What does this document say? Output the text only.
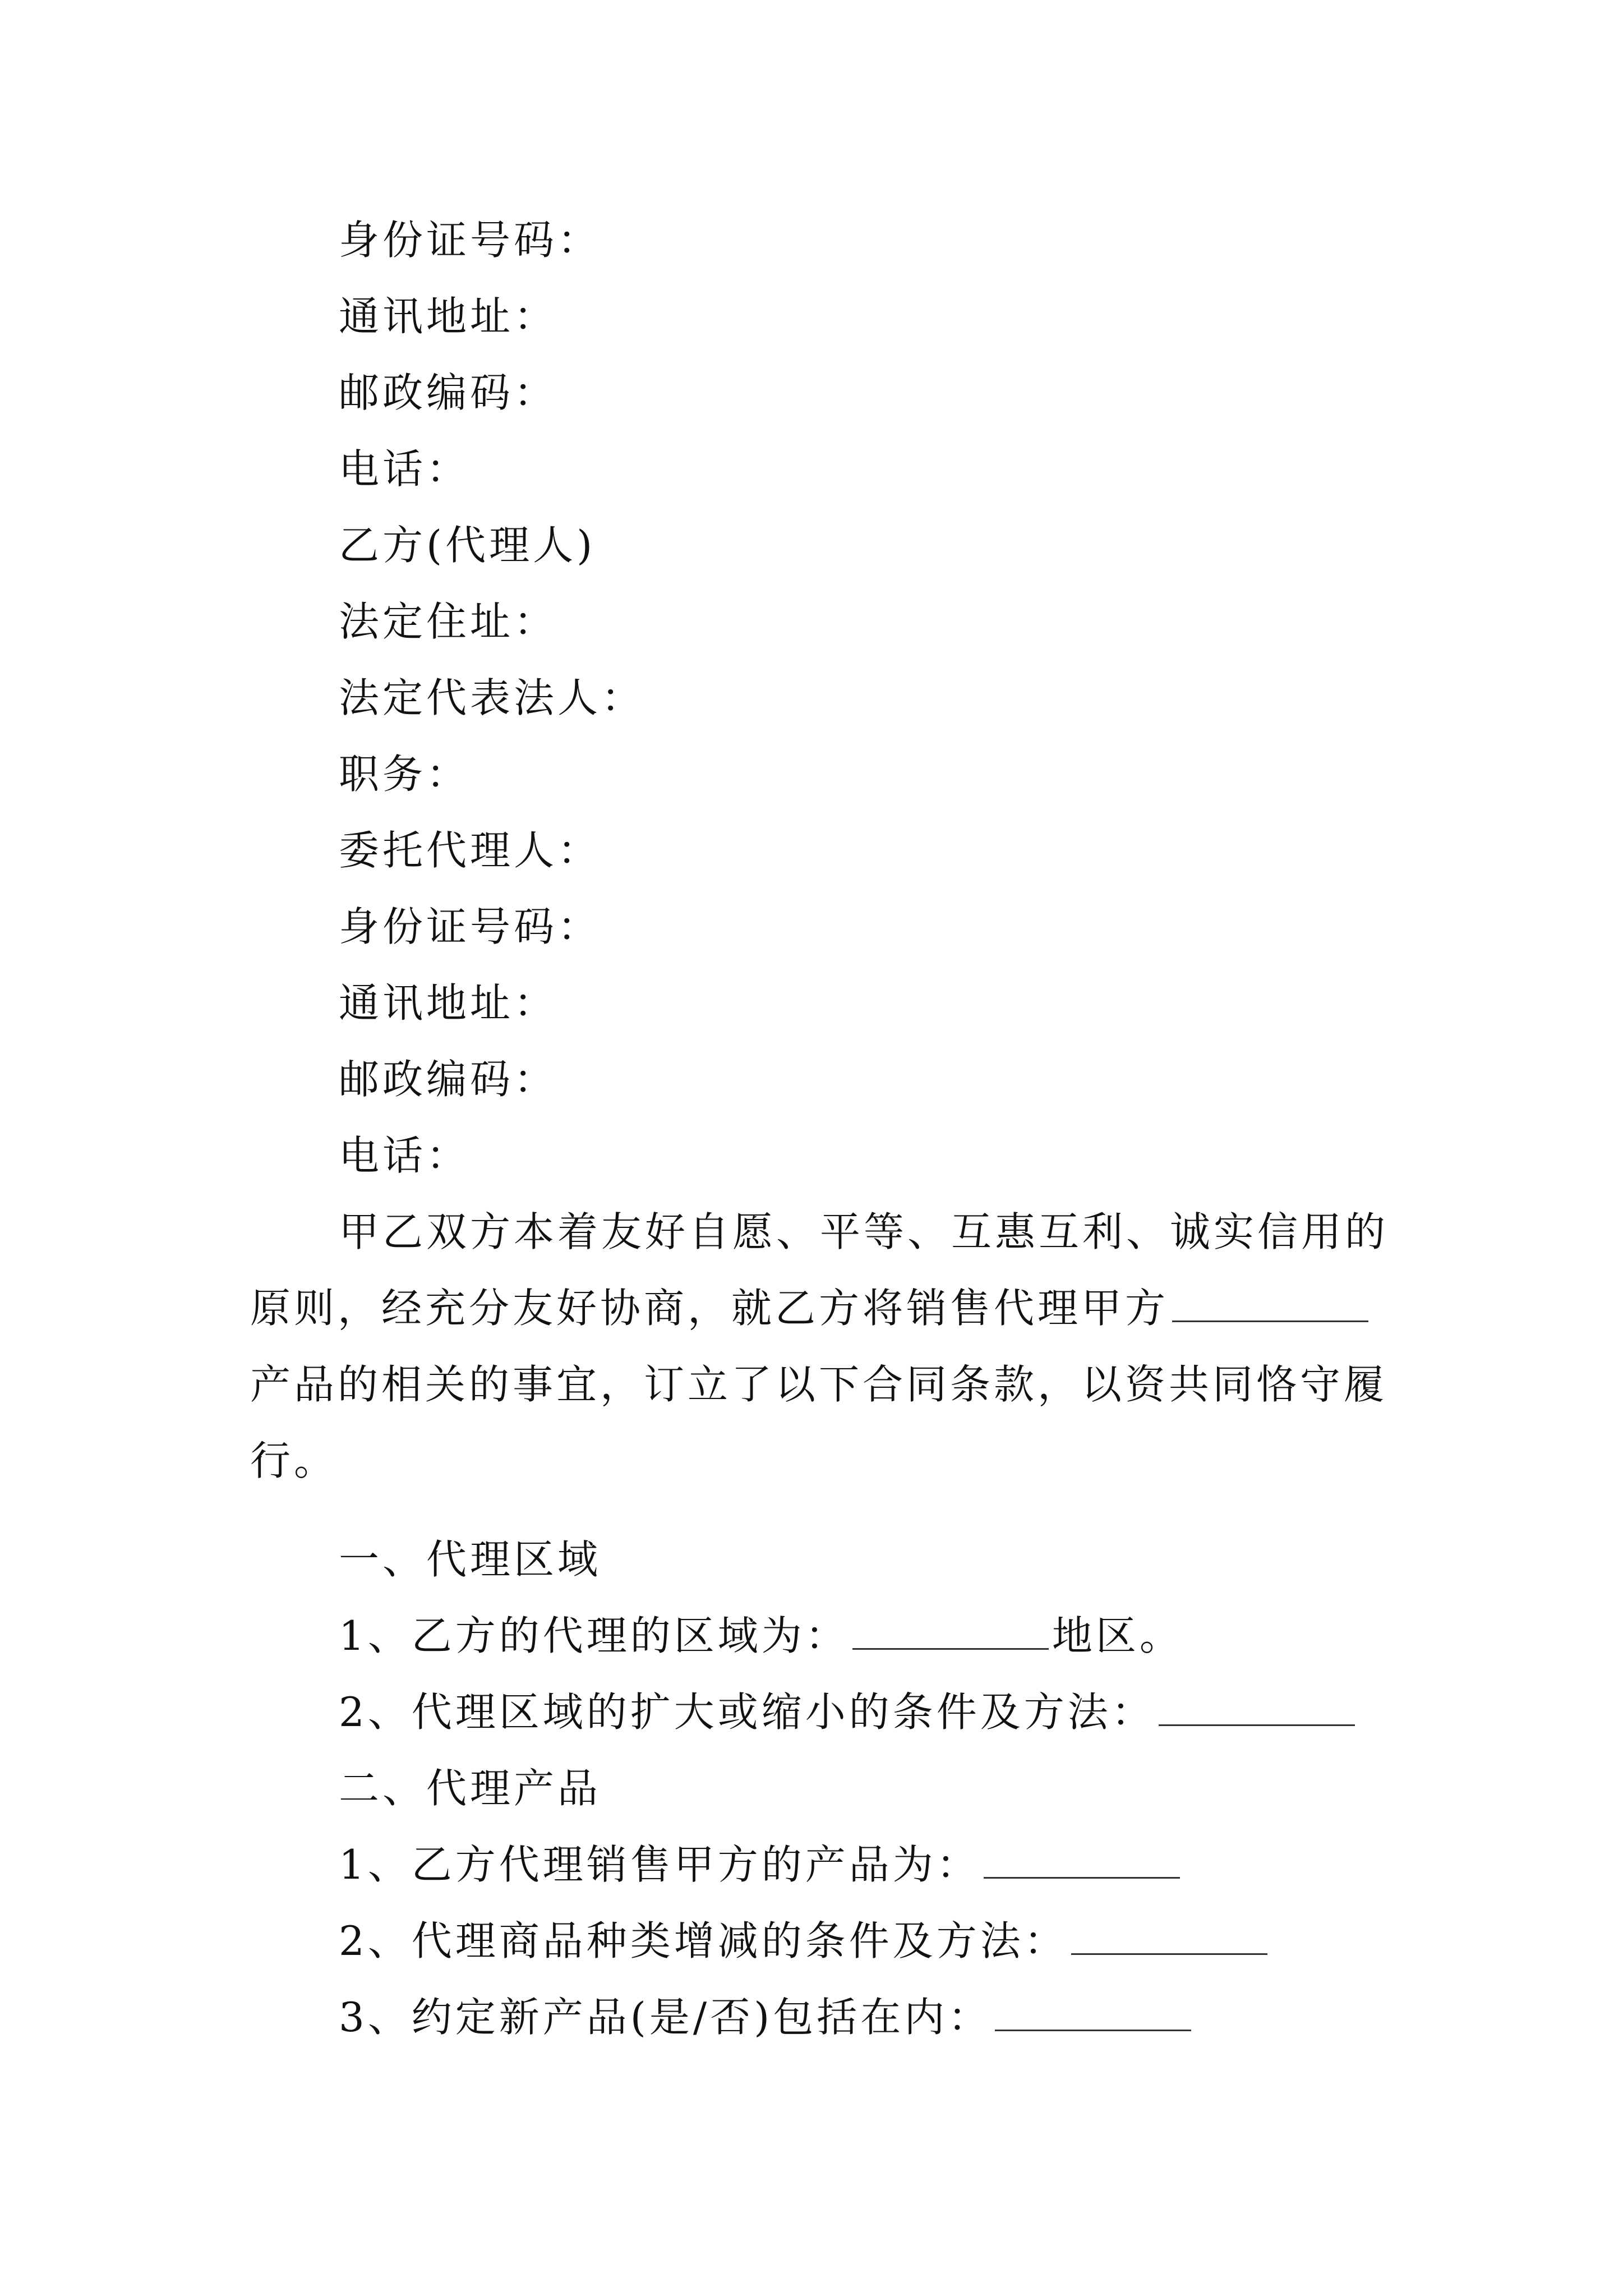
身份证号码：
通讯地址：
邮政编码：
电话：
乙方(代理人)
法定住址：
法定代表法人：
职务：
委托代理人：
身份证号码：
通讯地址：
邮政编码：
电话：
甲乙双方本着友好自愿、平等、互惠互利、诚实信用的
原则，经充分友好协商，就乙方将销售代理甲方
产品的相关的事宜，订立了以下合同条款，以资共同恪守履
行。
一、代理区域
1、乙方的代理的区域为：	地区。
2、代理区域的扩大或缩小的条件及方法：
二、代理产品
1、乙方代理销售甲方的产品为：
2、代理商品种类增减的条件及方法：
3、约定新产品(是/否)包括在内：
